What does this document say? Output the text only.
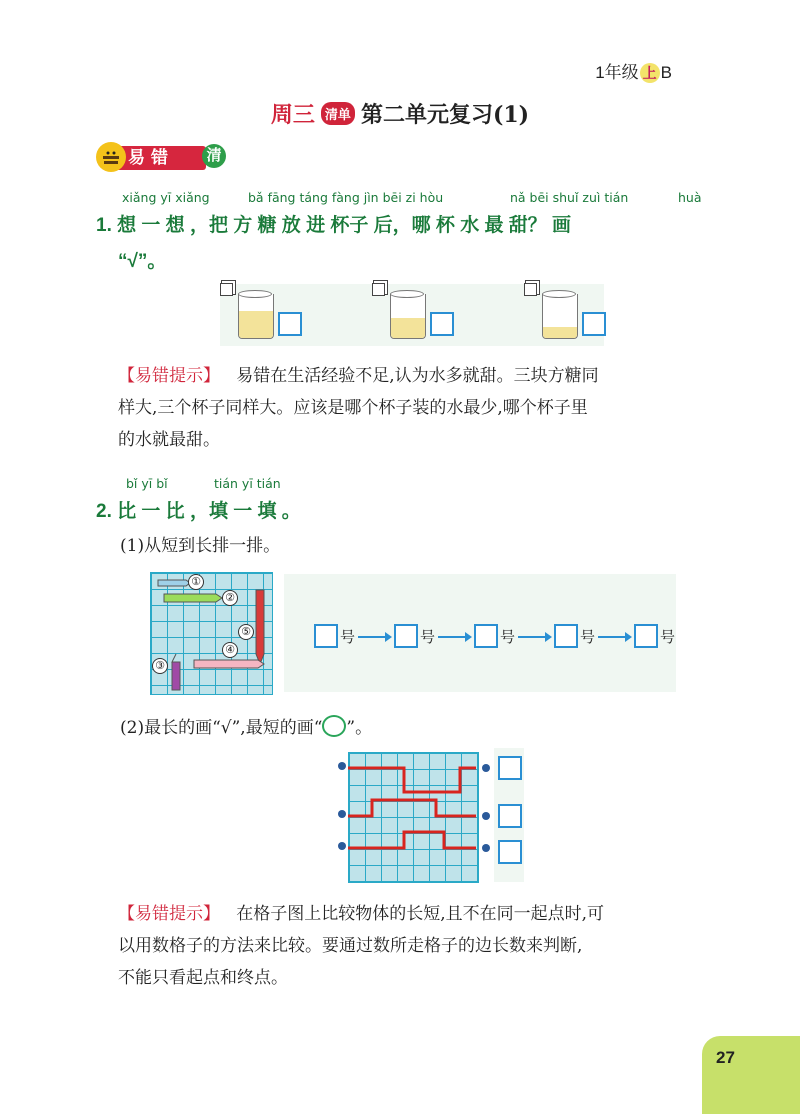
1年级 上 B
周三 清单 第二单元复习(1)
易错	清
xiǎng yī xiǎng	bǎ fāng táng fàng jìn bēi zi hòu	nǎ bēi shuǐ zuì tián	huà
1. 想 一 想 ，把 方 糖 放 进 杯子 后，哪 杯 水 最 甜？ 画
“√”。
【易错提示】 易错在生活经验不足,认为水多就甜。三块方糖同
样大,三个杯子同样大。应该是哪个杯子装的水最少,哪个杯子里
的水就最甜。
bǐ yī bǐ	tián yī tián
2. 比 一 比 ，填 一 填 。
(1)从短到长排一排。
①
②
③
④
⑤	号	号	号	号	号
(2)最长的画“√”,最短的画“ ”。
【易错提示】 在格子图上比较物体的长短,且不在同一起点时,可
以用数格子的方法来比较。要通过数所走格子的边长数来判断,
不能只看起点和终点。
27
